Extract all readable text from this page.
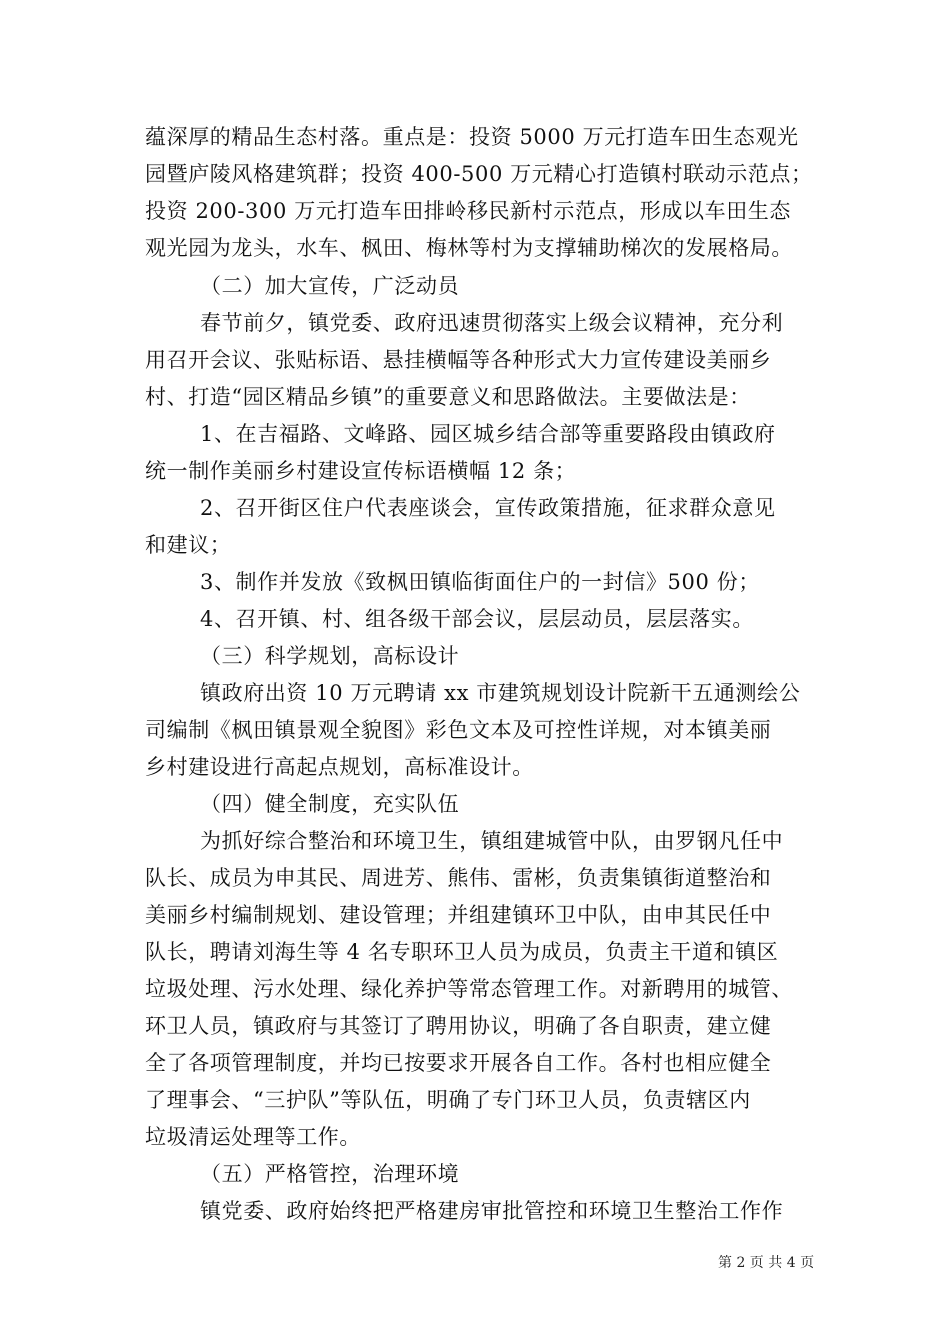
蕴深厚的精品生态村落。重点是：投资 5000 万元打造车田生态观光
园暨庐陵风格建筑群；投资 400-500 万元精心打造镇村联动示范点；
投资 200-300 万元打造车田排岭移民新村示范点，形成以车田生态
观光园为龙头，水车、枫田、梅林等村为支撑辅助梯次的发展格局。
（二）加大宣传，广泛动员
春节前夕，镇党委、政府迅速贯彻落实上级会议精神，充分利
用召开会议、张贴标语、悬挂横幅等各种形式大力宣传建设美丽乡
村、打造“园区精品乡镇”的重要意义和思路做法。主要做法是：
1、在吉福路、文峰路、园区城乡结合部等重要路段由镇政府
统一制作美丽乡村建设宣传标语横幅 12 条；
2、召开街区住户代表座谈会，宣传政策措施，征求群众意见
和建议；
3、制作并发放《致枫田镇临街面住户的一封信》500 份；
4、召开镇、村、组各级干部会议，层层动员，层层落实。
（三）科学规划，高标设计
镇政府出资 10 万元聘请 xx 市建筑规划设计院新干五通测绘公
司编制《枫田镇景观全貌图》彩色文本及可控性详规，对本镇美丽
乡村建设进行高起点规划，高标准设计。
（四）健全制度，充实队伍
为抓好综合整治和环境卫生，镇组建城管中队，由罗钢凡任中
队长、成员为申其民、周进芳、熊伟、雷彬，负责集镇街道整治和
美丽乡村编制规划、建设管理；并组建镇环卫中队，由申其民任中
队长，聘请刘海生等 4 名专职环卫人员为成员，负责主干道和镇区
垃圾处理、污水处理、绿化养护等常态管理工作。对新聘用的城管、
环卫人员，镇政府与其签订了聘用协议，明确了各自职责，建立健
全了各项管理制度，并均已按要求开展各自工作。各村也相应健全
了理事会、“三护队”等队伍，明确了专门环卫人员，负责辖区内
垃圾清运处理等工作。
（五）严格管控，治理环境
镇党委、政府始终把严格建房审批管控和环境卫生整治工作作
第 2 页 共 4 页
